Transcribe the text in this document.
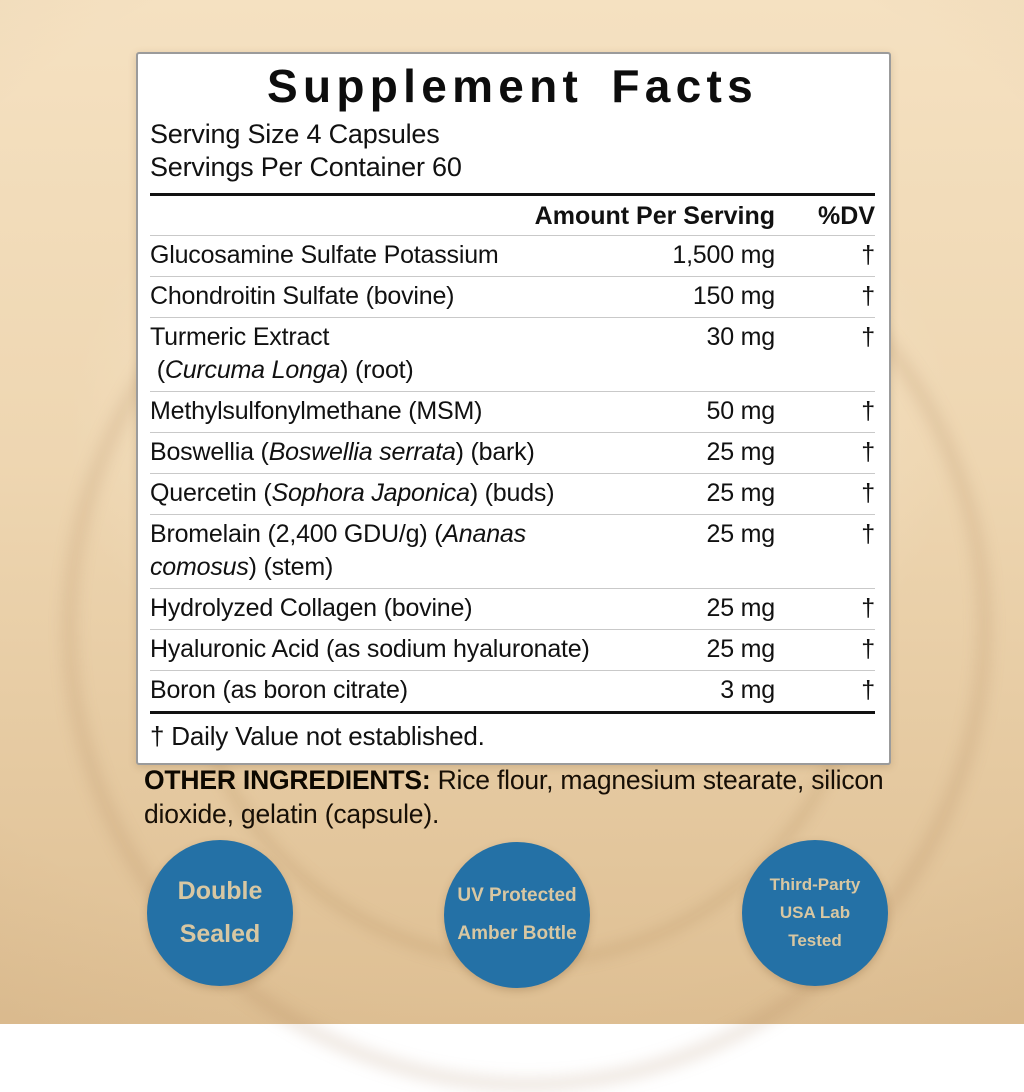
Supplement Facts
Serving Size 4 Capsules
Servings Per Container 60
Amount Per Serving	%DV
Glucosamine Sulfate Potassium	1,500 mg	†
Chondroitin Sulfate (bovine)	150 mg	†
Turmeric Extract
(Curcuma Longa) (root)
30 mg	†
Methylsulfonylmethane (MSM)	50 mg	†
Boswellia (Boswellia serrata) (bark)	25 mg	†
Quercetin (Sophora Japonica) (buds)	25 mg	†
Bromelain (2,400 GDU/g) (Ananas
comosus) (stem)
25 mg	†
Hydrolyzed Collagen (bovine)	25 mg	†
Hyaluronic Acid (as sodium hyaluronate)	25 mg	†
Boron (as boron citrate)	3 mg	†
† Daily Value not established.

OTHER INGREDIENTS: Rice flour, magnesium stearate, silicon dioxide, gelatin (capsule).

Double
Sealed
UV Protected
Amber Bottle
Third-Party
USA Lab
Tested
